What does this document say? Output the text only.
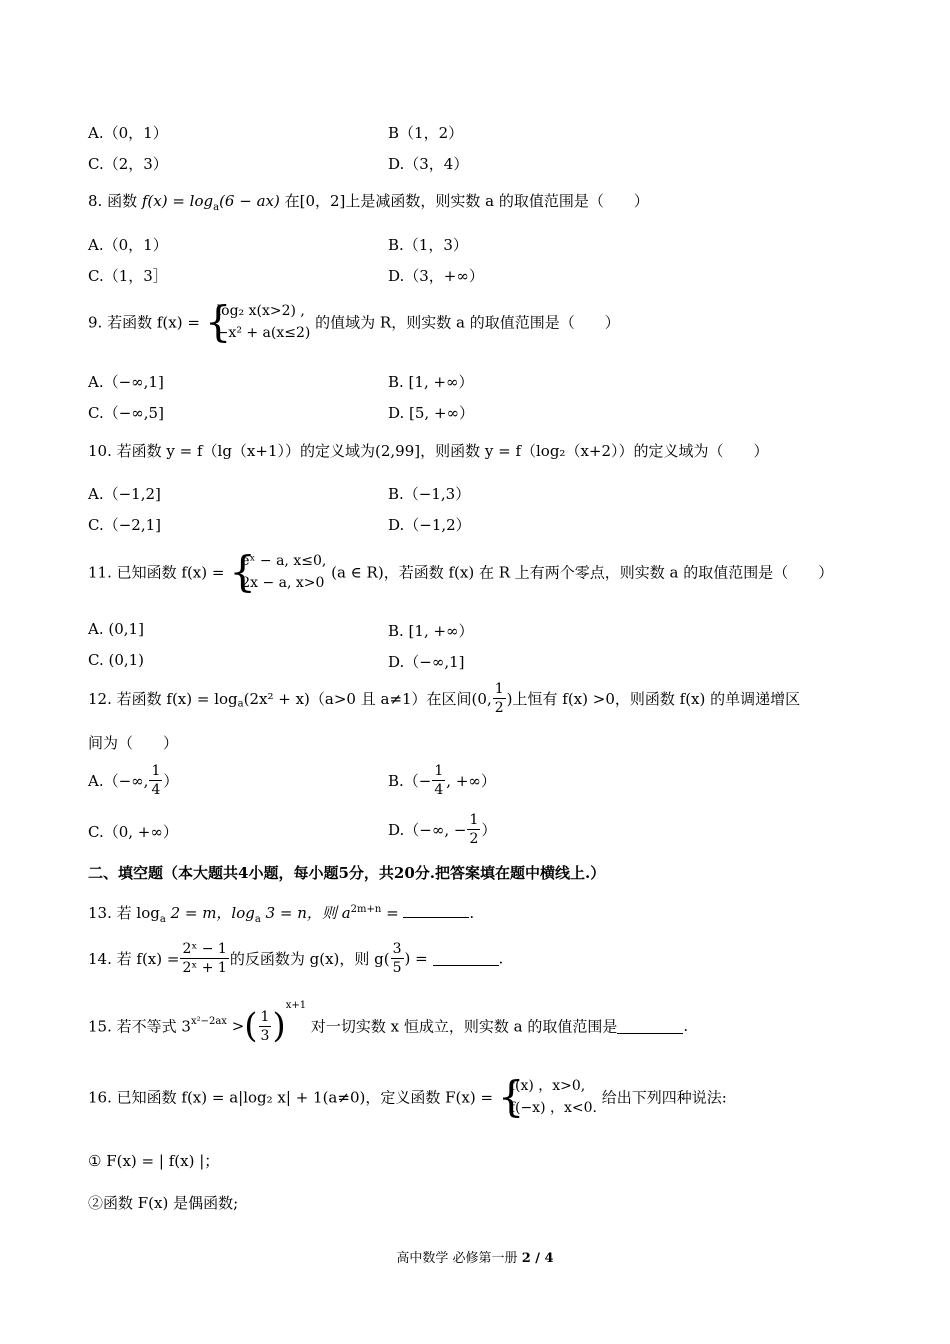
A.（0，1）	B（1，2）
C.（2，3）	D.（3，4）
8. 函数 $f(x) = \log_a(6 - ax)$ 在[0，2]上是减函数，则实数 a 的取值范围是（　　）
A.（0，1）	B.（1，3）
C.（1，3］	D.（3，+∞）
9. 若函数 f(x) = {
log₂ x(x>2) ,
−x² + a(x≤2)
的值域为 R，则实数 a 的取值范围是（　　）
A.（−∞,1]	B. [1, +∞）
C.（−∞,5]	D. [5, +∞）
10. 若函数 y = f（lg（x+1））的定义域为(2,99]，则函数 y = f（log₂（x+2））的定义域为（　　）
A.（−1,2]	B.（−1,3）
C.（−2,1]	D.（−1,2）
11. 已知函数 f(x) = {
eˣ − a, x≤0,
2x − a, x>0
(a ∈ R)，若函数 f(x) 在 R 上有两个零点，则实数 a 的取值范围是（　　）
A. (0,1]	B. [1, +∞）
C. (0,1)	D.（−∞,1]
12. 若函数 $f(x) = \log_a(2x^2 + x)(a>0$ 且 a≠1）在区间(0, $\frac{1}{2}$ )上恒有 f(x) >0，则函数 f(x) 的单调递增区
间为（　　）
A.（−∞, $\frac{1}{4}$ ）	$B.(- \frac{1}{4}$ , +∞）
C.（0, +∞）	D.（−∞, − $\frac{1}{2}$ ）
二、填空题（本大题共4小题，每小题5分，共20分.把答案填在题中横线上.）
13. 若 $\log_a 2 = m$，$\log_a 3 = n$，则 $a^{2m+n}$ =	.
14. 若 $f(x) = \frac{\text{2ˣ − 1}}{\text{2ˣ + 1}}$ 的反函数为 g(x)，则 $g( \frac{3}{5}$ ) =	.
15. 若不等式 $3^{x^2-2ax}$ >( $\frac{1}{3} )^{x+1}$ 对一切实数 x 恒成立，则实数 a 的取值范围是	.
16. 已知函数 f(x) = a|log₂ x| + 1(a≠0)，定义函数 F(x) = {
f(x) ，x>0,
f(−x) ，x<0.
给出下列四种说法:
① F(x) = | f(x) |；
②函数 F(x) 是偶函数;
高中数学 必修第一册 2 / 4
